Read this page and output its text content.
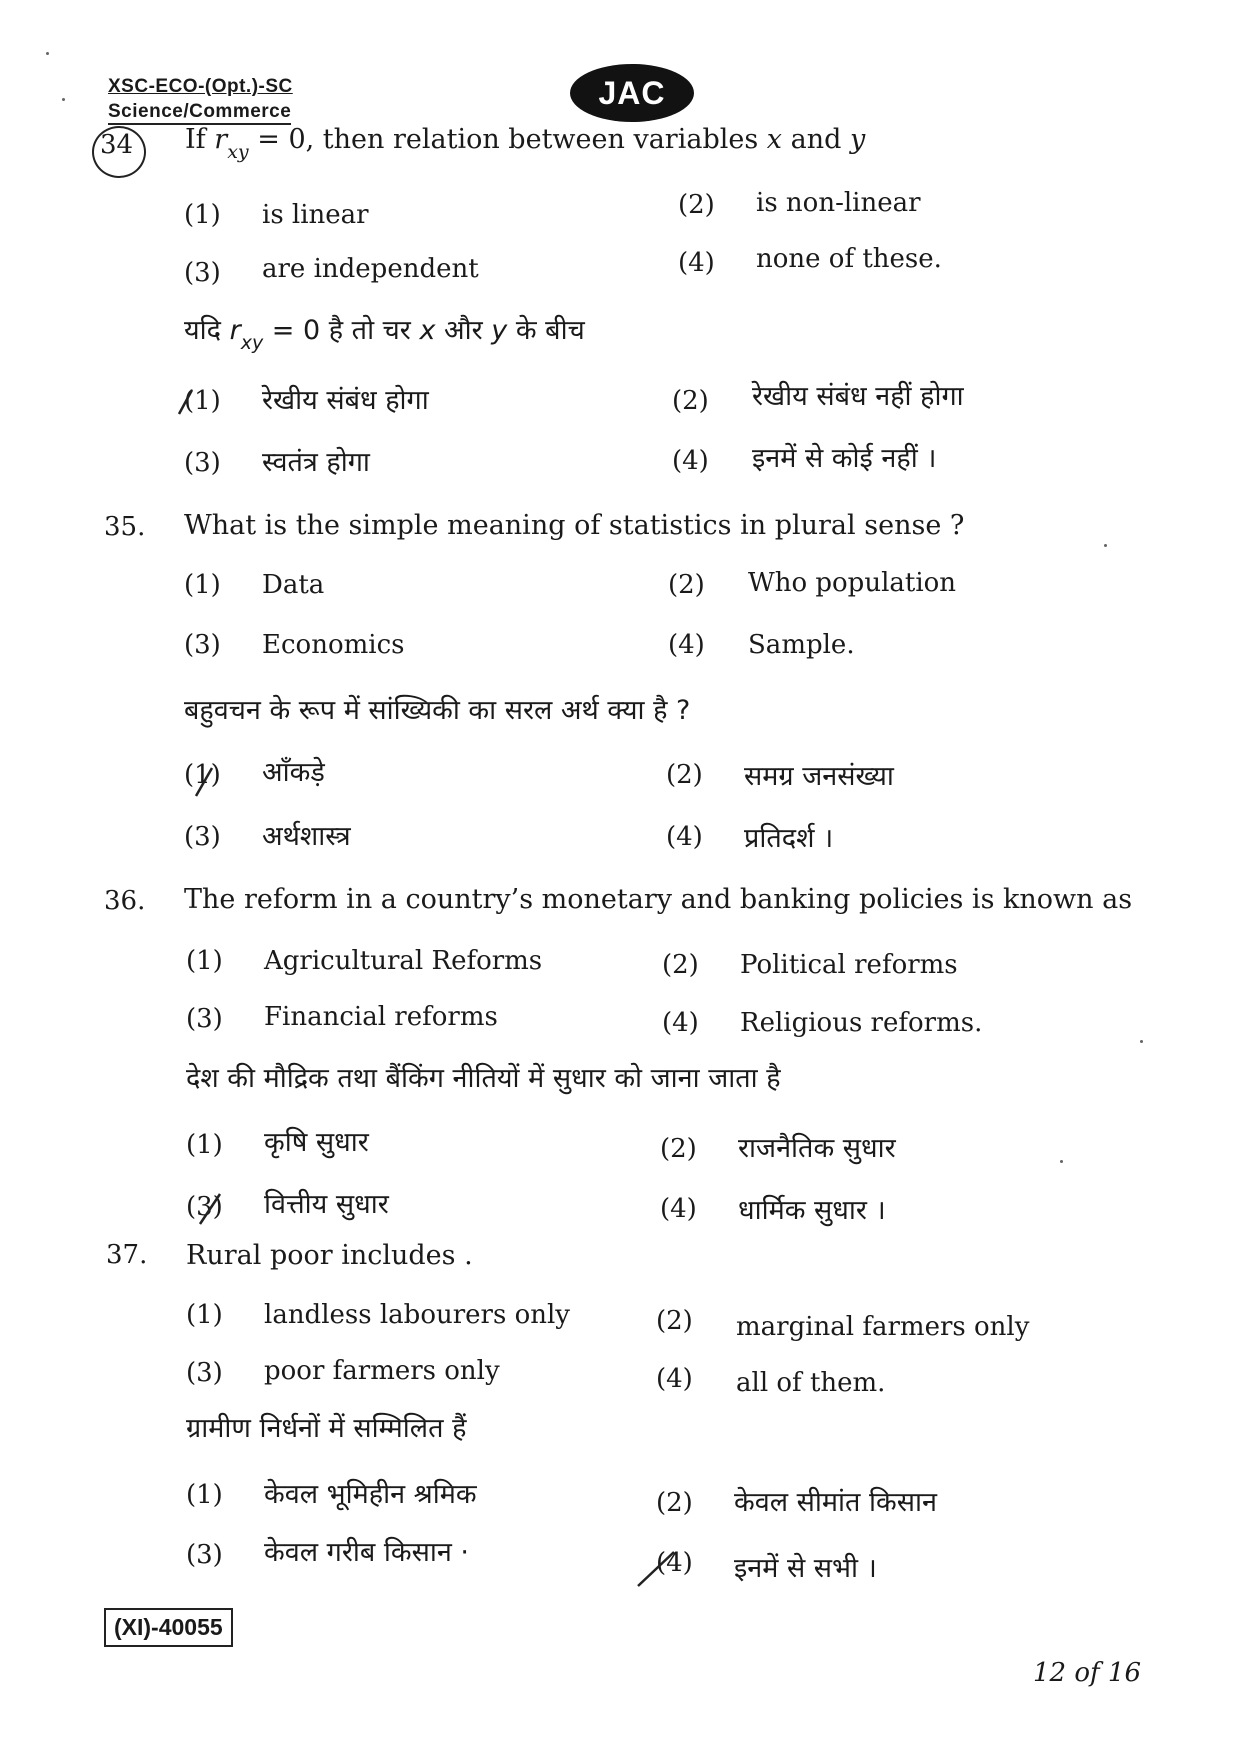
XSC-ECO-(Opt.)-SC
Science/Commerce
JAC
34 If $r_{xy} = 0$, then relation between variables x and y
(1) is linear	(2) is non-linear
(3) are independent	(4) none of these.
यदि $r_{xy} = 0$ है तो चर x और y के बीच
(1) रेखीय संबंध होगा	(2) रेखीय संबंध नहीं होगा
(3) स्वतंत्र होगा	(4) इनमें से कोई नहीं ।
35. What is the simple meaning of statistics in plural sense ?
(1) Data	(2) Who population
(3) Economics	(4) Sample.
बहुवचन के रूप में सांख्यिकी का सरल अर्थ क्या है ?
(1) आँकड़े	(2) समग्र जनसंख्या
(3) अर्थशास्त्र	(4) प्रतिदर्श ।
36. The reform in a country’s monetary and banking policies is known as
(1) Agricultural Reforms	(2) Political reforms
(3) Financial reforms	(4) Religious reforms.
देश की मौद्रिक तथा बैंकिंग नीतियों में सुधार को जाना जाता है
(1) कृषि सुधार	(2) राजनैतिक सुधार
(3) वित्तीय सुधार	(4) धार्मिक सुधार ।
37. Rural poor includes .
(1) landless labourers only	(2) marginal farmers only
(3) poor farmers only	(4) all of them.
ग्रामीण निर्धनों में सम्मिलित हैं
(1) केवल भूमिहीन श्रमिक	(2) केवल सीमांत किसान
(3) केवल गरीब किसान ·	(4) इनमें से सभी ।
(XI)-40055
12 of 16
